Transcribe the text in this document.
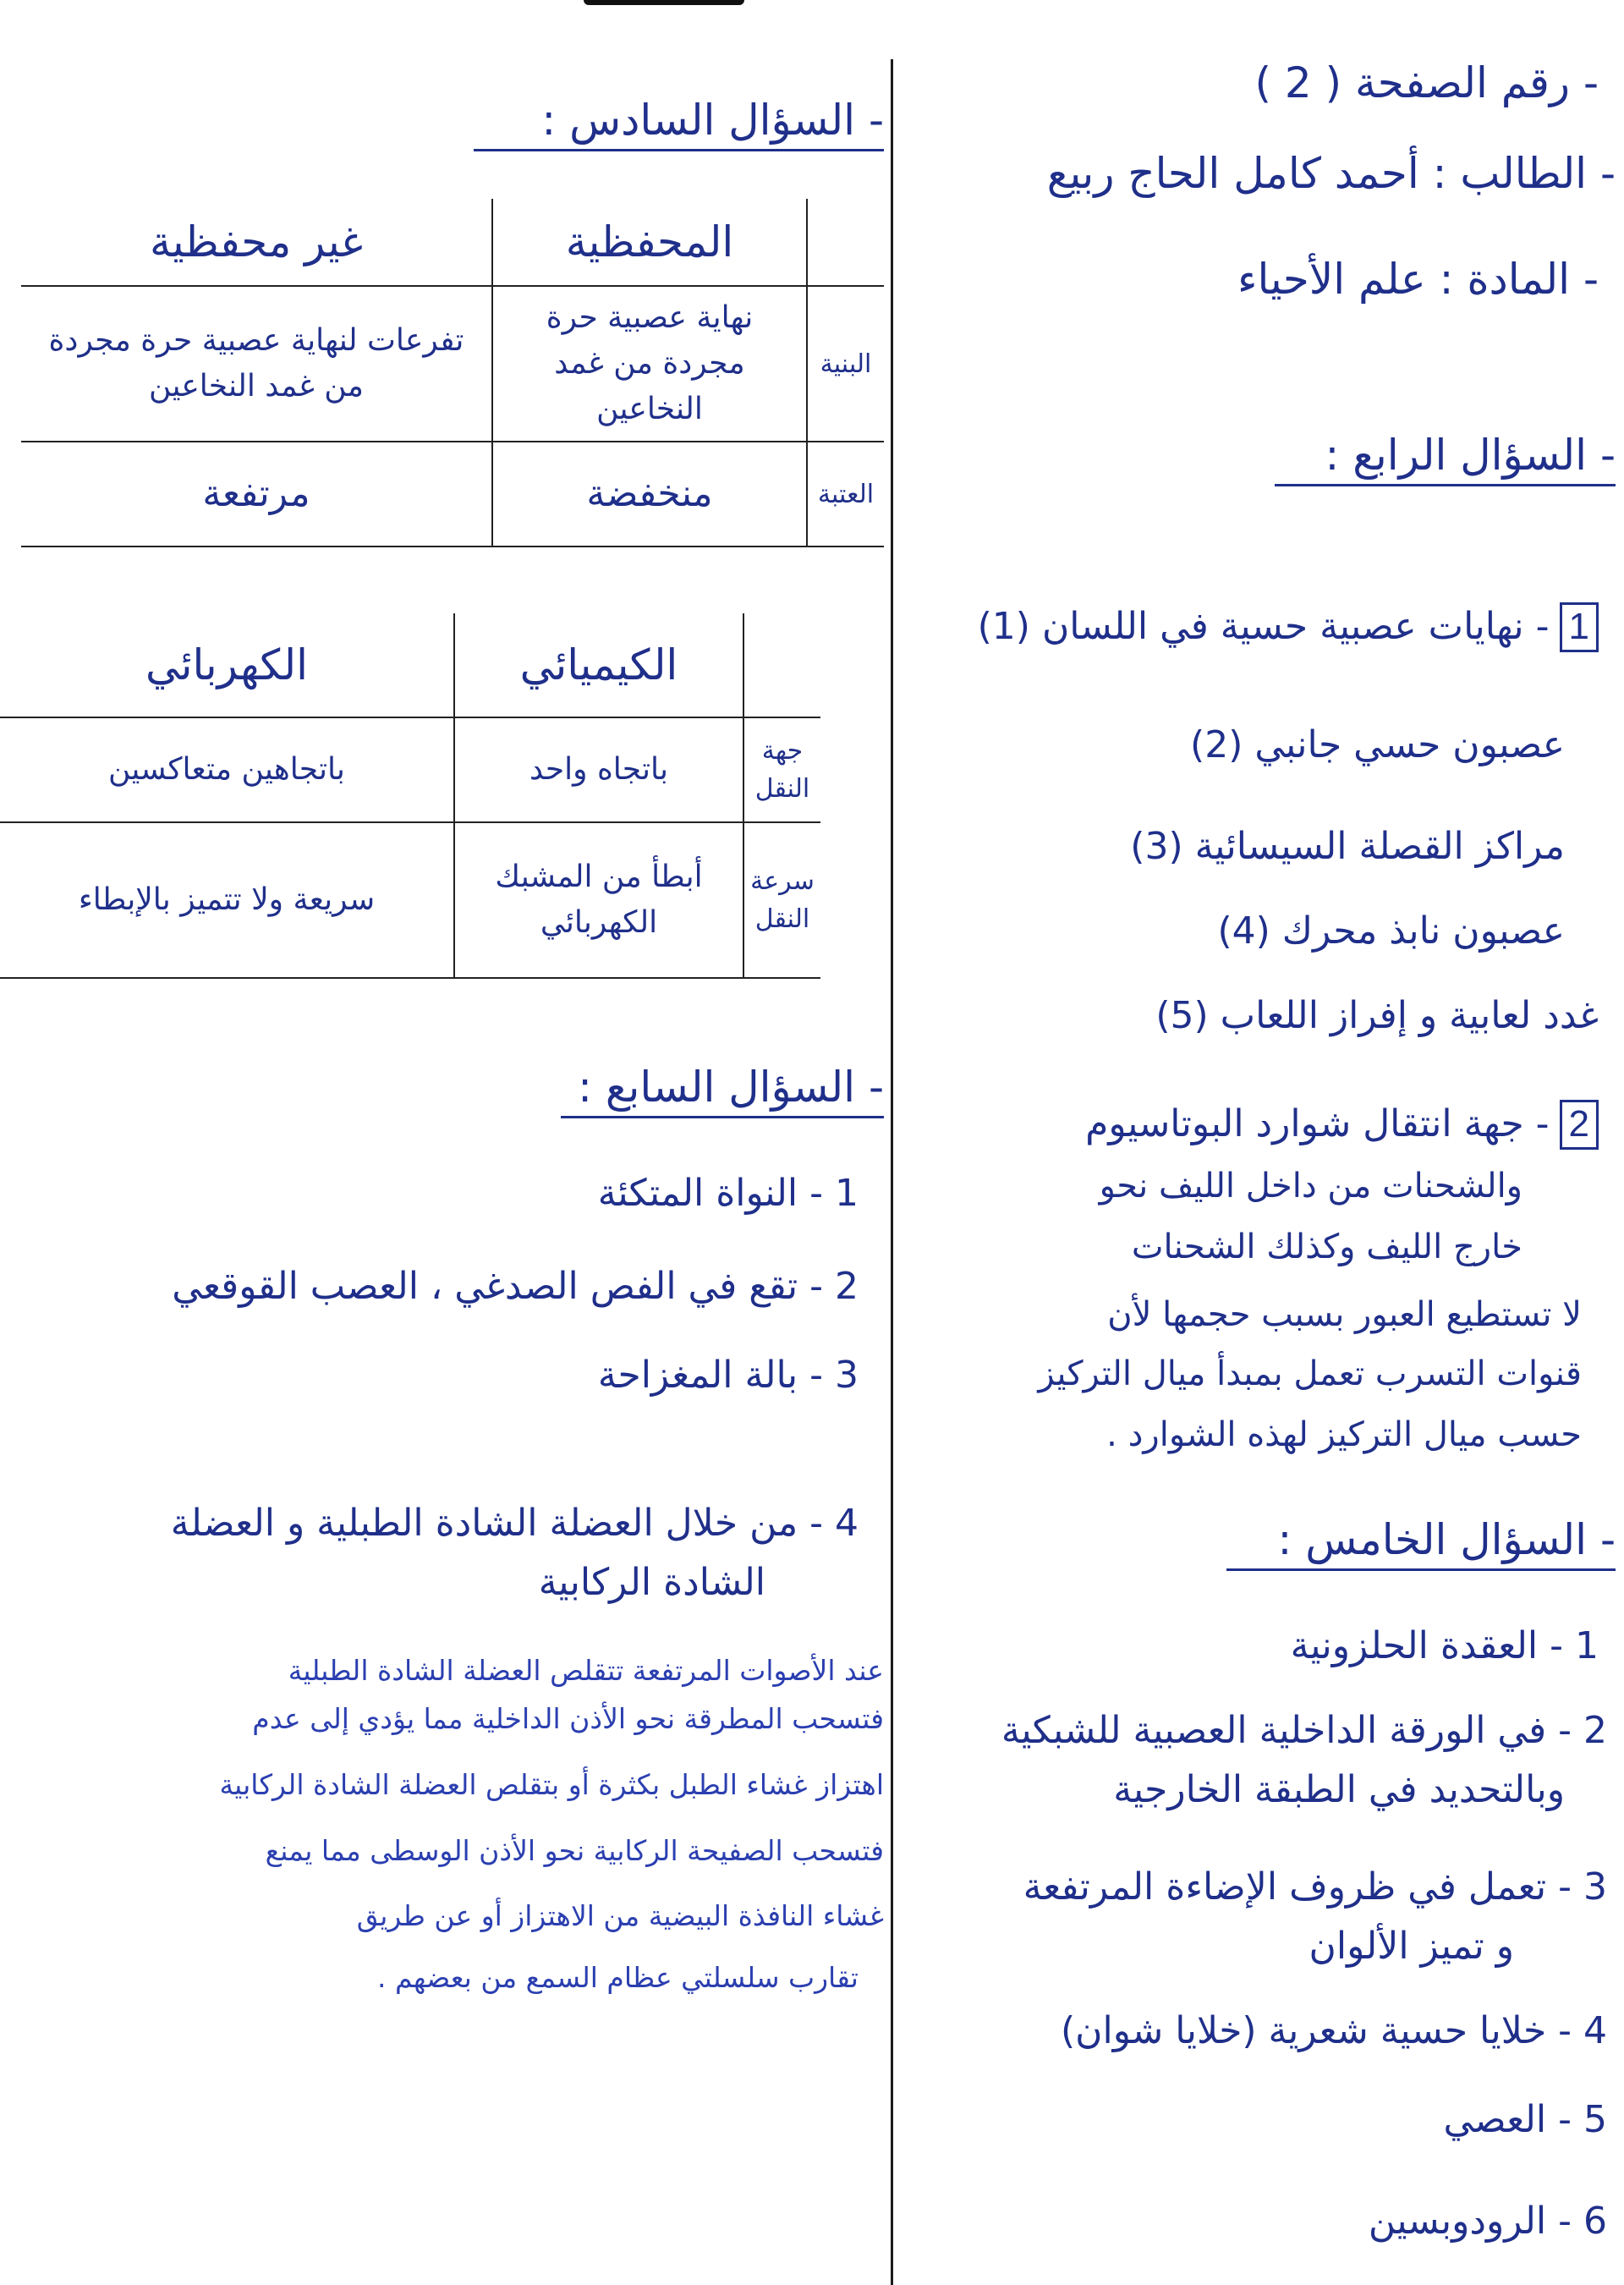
- رقم الصفحة ( 2 )
- الطالب : أحمد كامل الحاج ربيع
- المادة : علم الأحياء
- السؤال الرابع :
1- نهايات عصبية حسية في اللسان (1)
عصبون حسي جانبي (2)
مراكز القصلة السيسائية (3)
عصبون نابذ محرك (4)
غدد لعابية و إفراز اللعاب (5)
2- جهة انتقال شوارد البوتاسيوم
والشحنات من داخل الليف نحو
خارج الليف وكذلك الشحنات
لا تستطيع العبور بسبب حجمها لأن
قنوات التسرب تعمل بمبدأ ميال التركيز
حسب ميال التركيز لهذه الشوارد .
- السؤال الخامس :
1 - العقدة الحلزونية
2 - في الورقة الداخلية العصبية للشبكية
وبالتحديد في الطبقة الخارجية
3 - تعمل في ظروف الإضاءة المرتفعة
و تميز الألوان
4 - خلايا حسية شعرية (خلايا شوان)
5 - العصي
6 - الرودوبسين
- السؤال السادس :
	المحفظية	غير محفظية
البنية	نهاية عصبية حرة مجردة من غمد النخاعين	تفرعات لنهاية عصبية حرة مجردة من غمد النخاعين
العتبة	منخفضة	مرتفعة
	الكيميائي	الكهربائي
جهة النقل	باتجاه واحد	باتجاهين متعاكسين
سرعة النقل	أبطأ من المشبك الكهربائي	سريعة ولا تتميز بالإبطاء
- السؤال السابع :
1 - النواة المتكئة
2 - تقع في الفص الصدغي ، العصب القوقعي
3 - بالة المغزاحة
4 - من خلال العضلة الشادة الطبلية و العضلة
الشادة الركابية
عند الأصوات المرتفعة تتقلص العضلة الشادة الطبلية
فتسحب المطرقة نحو الأذن الداخلية مما يؤدي إلى عدم
اهتزاز غشاء الطبل بكثرة أو بتقلص العضلة الشادة الركابية
فتسحب الصفيحة الركابية نحو الأذن الوسطى مما يمنع
غشاء النافذة البيضية من الاهتزاز أو عن طريق
تقارب سلسلتي عظام السمع من بعضهم .
